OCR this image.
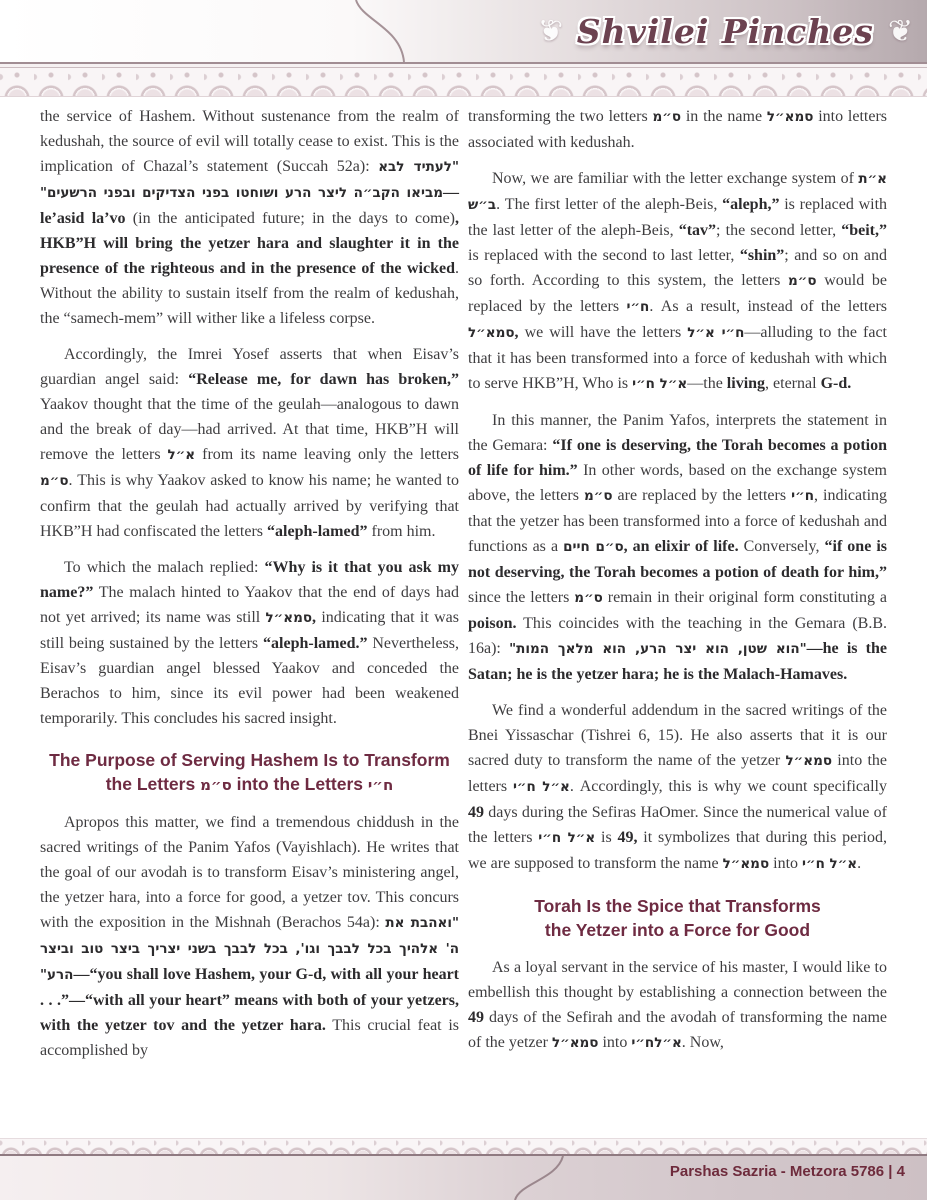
❦ Shvilei Pinches ❦

the service of Hashem. Without sustenance from the realm of kedushah, the source of evil will totally cease to exist. This is the implication of Chazal’s statement (Succah 52a): "לעתיד לבא מביאו הקב״ה ליצר הרע ושוחטו בפני הצדיקים ובפני הרשעים"—le’asid la’vo (in the anticipated future; in the days to come), HKB”H will bring the yetzer hara and slaughter it in the presence of the righteous and in the presence of the wicked. Without the ability to sustain itself from the realm of kedushah, the “samech-mem” will wither like a lifeless corpse.

Accordingly, the Imrei Yosef asserts that when Eisav’s guardian angel said: “Release me, for dawn has broken,” Yaakov thought that the time of the geulah—analogous to dawn and the break of day—had arrived. At that time, HKB”H will remove the letters א״ל from its name leaving only the letters ס״מ. This is why Yaakov asked to know his name; he wanted to confirm that the geulah had actually arrived by verifying that HKB”H had confiscated the letters “aleph-lamed” from him.

To which the malach replied: “Why is it that you ask my name?” The malach hinted to Yaakov that the end of days had not yet arrived; its name was still סמא״ל, indicating that it was still being sustained by the letters “aleph-lamed.” Nevertheless, Eisav’s guardian angel blessed Yaakov and conceded the Berachos to him, since its evil power had been weakened temporarily. This concludes his sacred insight.

The Purpose of Serving Hashem Is to Transform
the Letters ס״מ into the Letters ח״י

Apropos this matter, we find a tremendous chiddush in the sacred writings of the Panim Yafos (Vayishlach). He writes that the goal of our avodah is to transform Eisav’s ministering angel, the yetzer hara, into a force for good, a yetzer tov. This concurs with the exposition in the Mishnah (Berachos 54a): "ואהבת את ה' אלהיך בכל לבבך וגו', בכל לבבך בשני יצריך ביצר טוב וביצר הרע"—“you shall love Hashem, your G-d, with all your heart . . .”—“with all your heart” means with both of your yetzers, with the yetzer tov and the yetzer hara. This crucial feat is accomplished by

transforming the two letters ס״מ in the name סמא״ל into letters associated with kedushah.

Now, we are familiar with the letter exchange system of א״ת ב״ש. The first letter of the aleph-Beis, “aleph,” is replaced with the last letter of the aleph-Beis, “tav”; the second letter, “beit,” is replaced with the second to last letter, “shin”; and so on and so forth. According to this system, the letters ס״מ would be replaced by the letters ח״י. As a result, instead of the letters סמא״ל, we will have the letters ח״י א״ל—alluding to the fact that it has been transformed into a force of kedushah with which to serve HKB”H, Who is א״ל ח״י—the living, eternal G-d.

In this manner, the Panim Yafos, interprets the statement in the Gemara: “If one is deserving, the Torah becomes a potion of life for him.” In other words, based on the exchange system above, the letters ס״מ are replaced by the letters ח״י, indicating that the yetzer has been transformed into a force of kedushah and functions as a ס״ם חיים, an elixir of life. Conversely, “if one is not deserving, the Torah becomes a potion of death for him,” since the letters ס״מ remain in their original form constituting a poison. This coincides with the teaching in the Gemara (B.B. 16a): "הוא שטן, הוא יצר הרע, הוא מלאך המות"—he is the Satan; he is the yetzer hara; he is the Malach-Hamaves.

We find a wonderful addendum in the sacred writings of the Bnei Yissaschar (Tishrei 6, 15). He also asserts that it is our sacred duty to transform the name of the yetzer סמא״ל into the letters א״ל ח״י. Accordingly, this is why we count specifically 49 days during the Sefiras HaOmer. Since the numerical value of the letters א״ל ח״י is 49, it symbolizes that during this period, we are supposed to transform the name סמא״ל into א״ל ח״י.

Torah Is the Spice that Transforms
the Yetzer into a Force for Good

As a loyal servant in the service of his master, I would like to embellish this thought by establishing a connection between the 49 days of the Sefirah and the avodah of transforming the name of the yetzer סמא״ל into א״לח״י. Now,

Parshas Sazria - Metzora 5786 | 4
